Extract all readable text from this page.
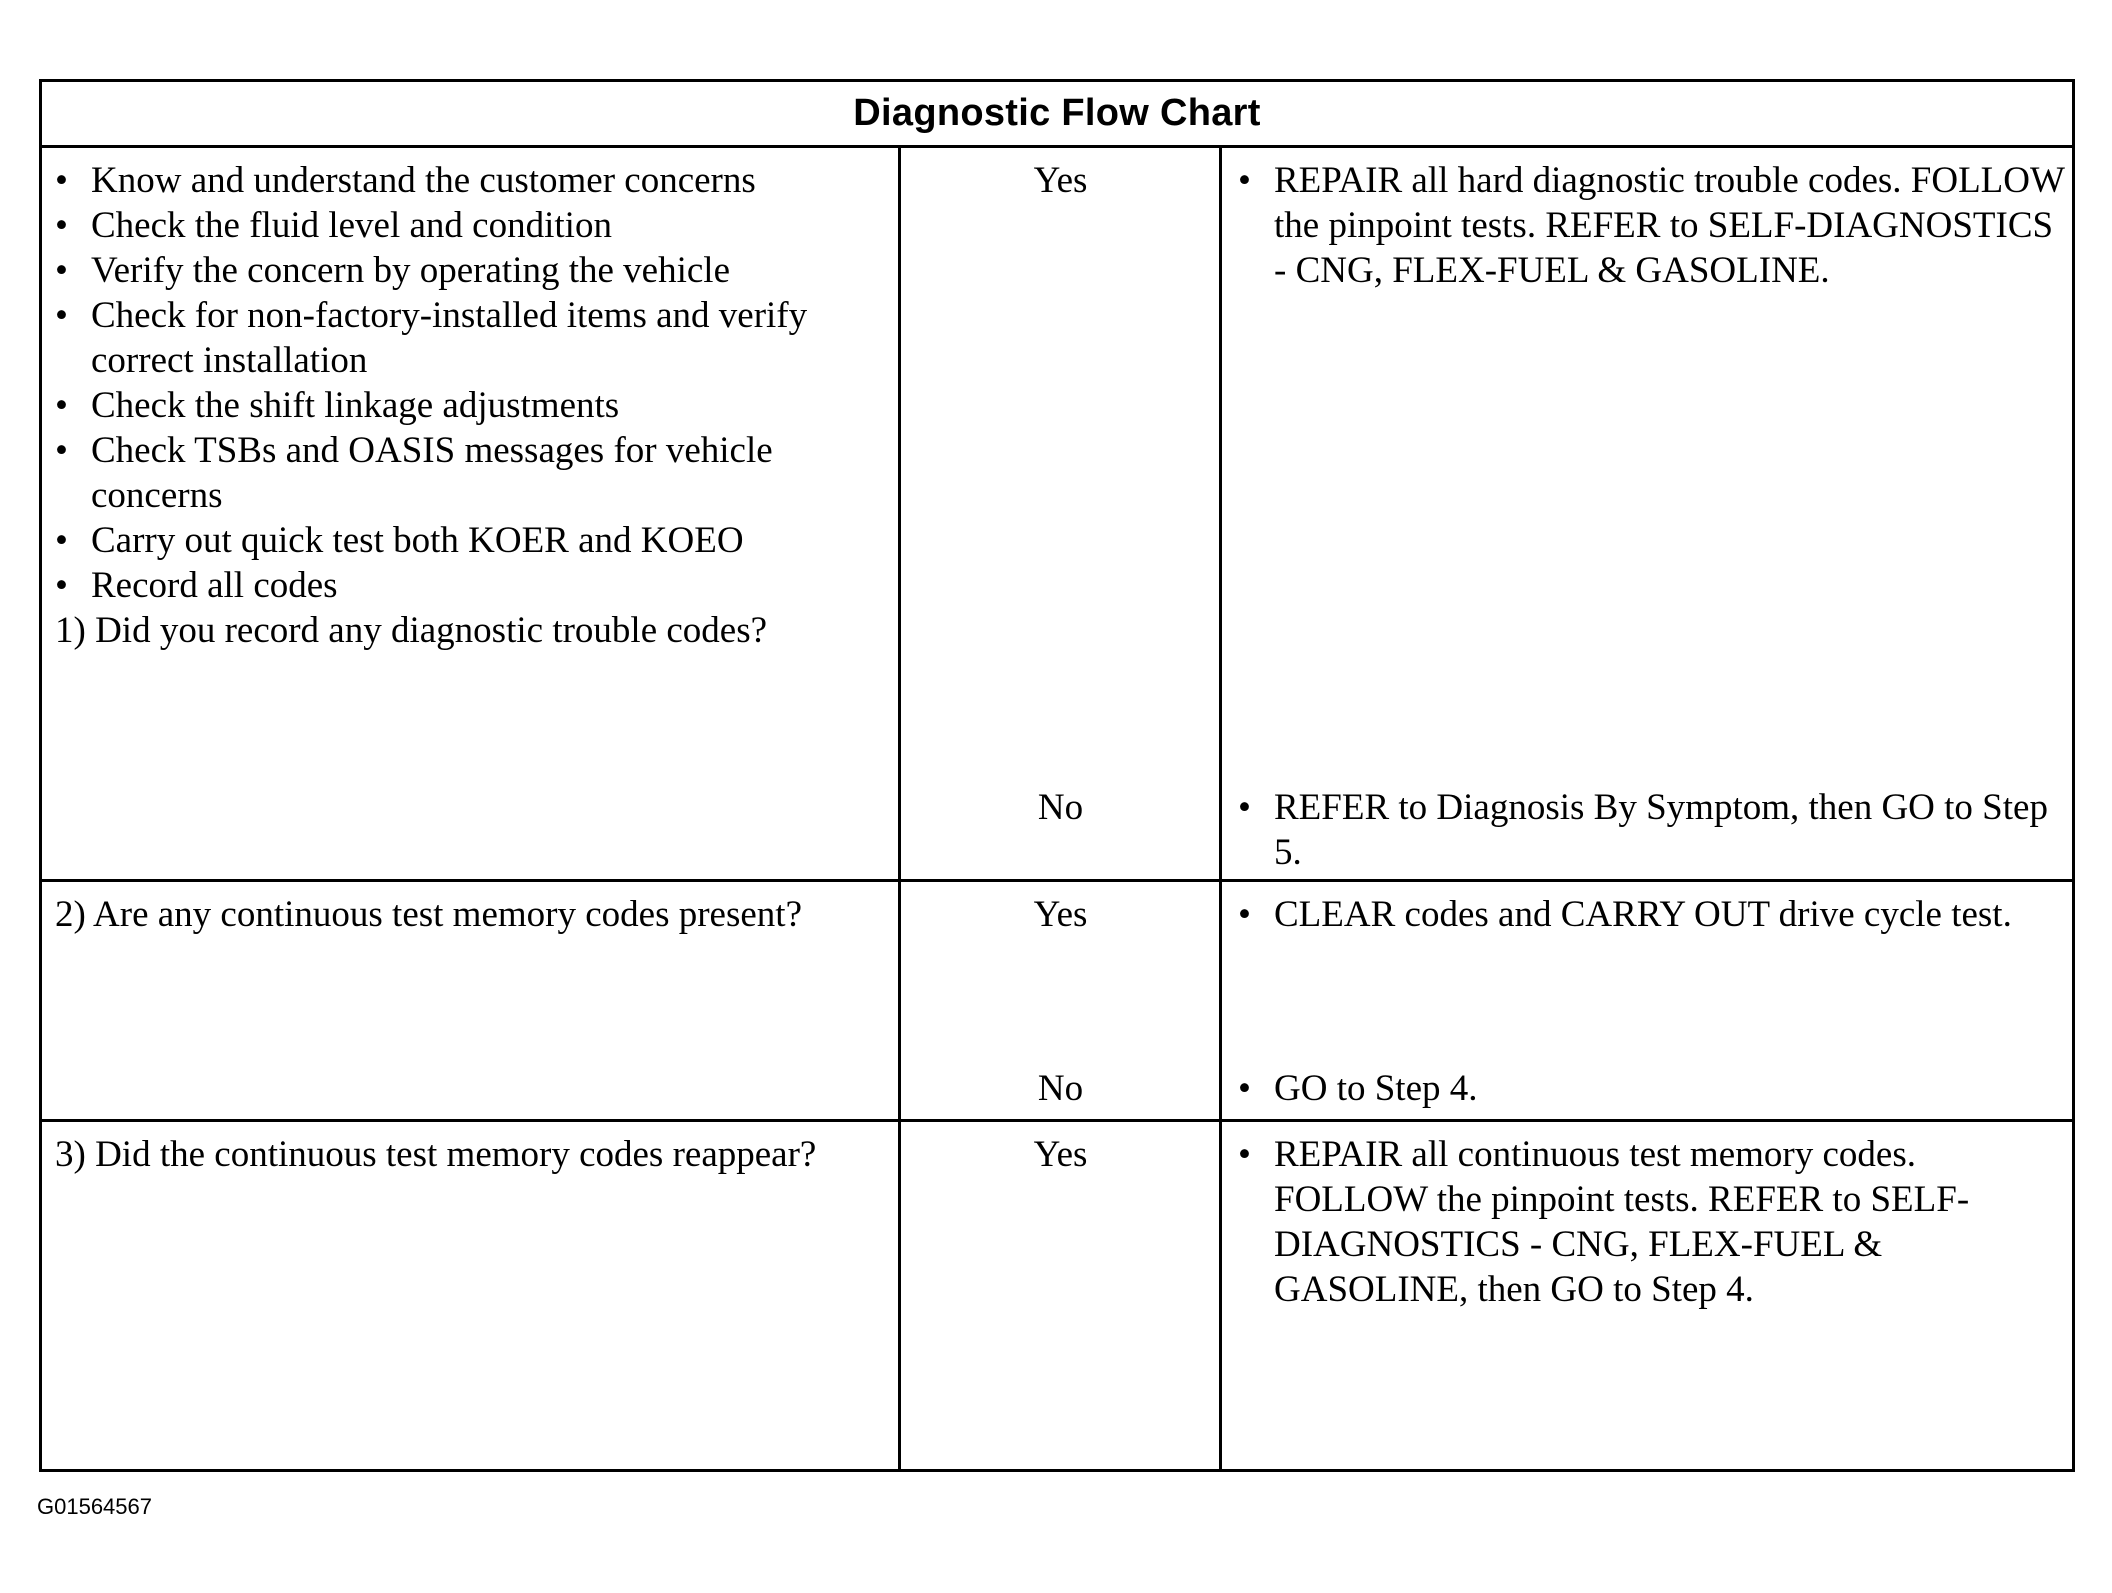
Diagnostic Flow Chart
• Know and understand the customer concerns
• Check the fluid level and condition
• Verify the concern by operating the vehicle
• Check for non-factory-installed items and verify correct installation
• Check the shift linkage adjustments
• Check TSBs and OASIS messages for vehicle concerns
• Carry out quick test both KOER and KOEO
• Record all codes
1) Did you record any diagnostic trouble codes?
Yes	• REPAIR all hard diagnostic trouble codes. FOLLOW the pinpoint tests. REFER to SELF-DIAGNOSTICS - CNG, FLEX-FUEL & GASOLINE.
No	• REFER to Diagnosis By Symptom, then GO to Step 5.
2) Are any continuous test memory codes present?	Yes	• CLEAR codes and CARRY OUT drive cycle test.
No	• GO to Step 4.
3) Did the continuous test memory codes reappear?	Yes	• REPAIR all continuous test memory codes. FOLLOW the pinpoint tests. REFER to SELF-DIAGNOSTICS - CNG, FLEX-FUEL & GASOLINE, then GO to Step 4.
G01564567
